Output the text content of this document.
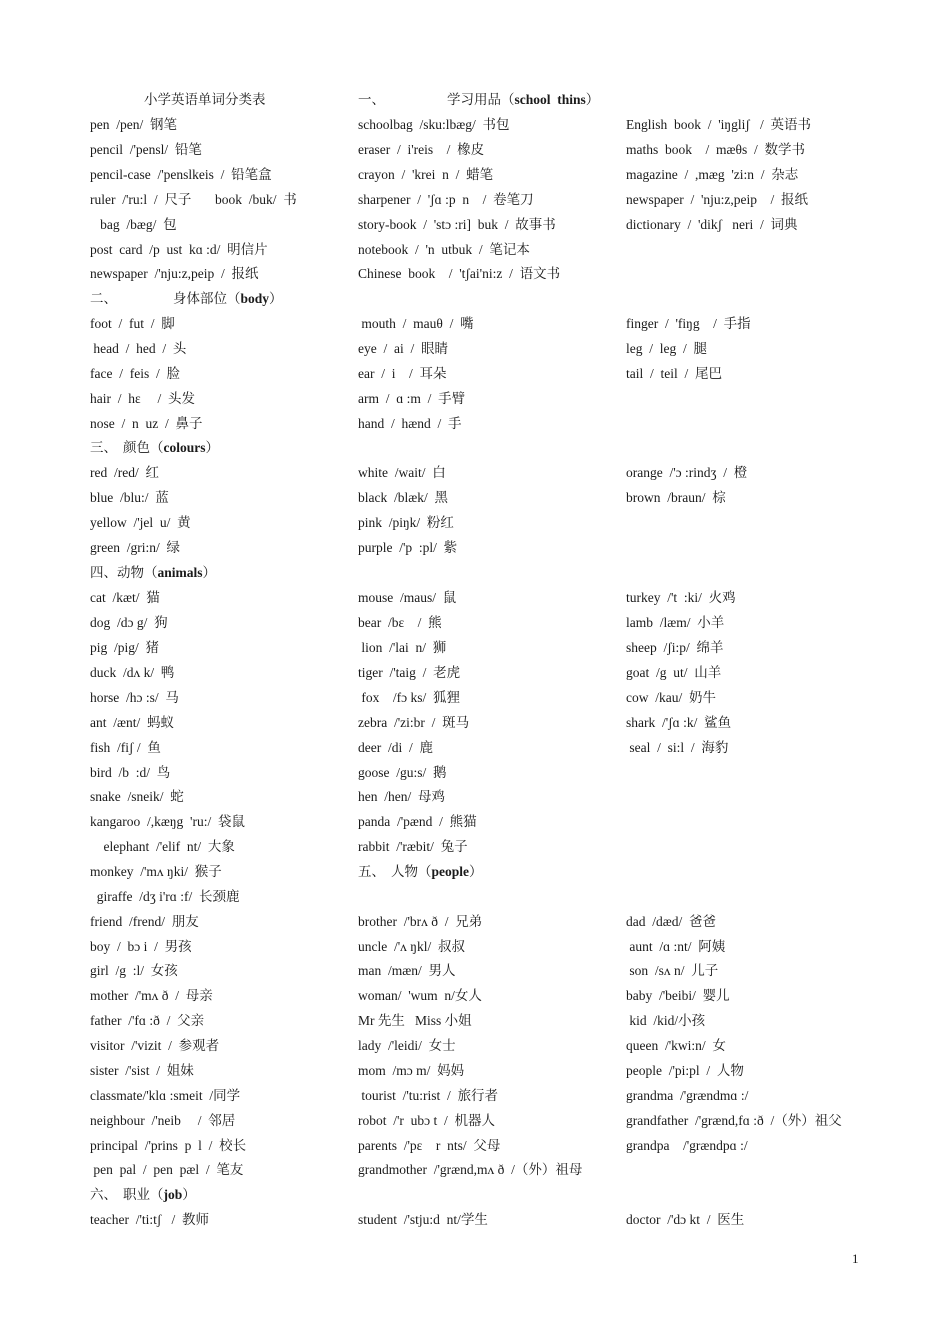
小学英语单词分类表	一、	学习用品（school  thins）
二、	身体部位（body）
三、 颜色（colours）
四、动物（animals）
五、 人物（people）
六、 职业（job）
pen  /pen/  钢笔	schoolbag  /sku:lbæg/  书包	English  book  /  'iŋgliʃ   /  英语书
pencil  /'pensl/  铅笔	eraser  /  i'reis    /  橡皮	maths  book    /  mæθs  /  数学书
pencil-case  /'penslkeis  /  铅笔盒	crayon  /  'krei  n  /  蜡笔	magazine  /  ,mæg  'zi:n  /  杂志
ruler  /'ru:l  /  尺子       book  /buk/  书	sharpener  /  'ʃɑ :p  n    /  卷笔刀	newspaper  /  'nju:z,peip    /  报纸
bag  /bæg/  包	story-book  /  'stɔ :ri]  buk  /  故事书	dictionary  /  'dikʃ   neri  /  词典
post  card  /p  ust  kɑ :d/  明信片	notebook  /  'n  utbuk  /  笔记本
newspaper  /'nju:z,peip  /  报纸	Chinese  book    /  'tʃai'ni:z  /  语文书
foot  /  fut  /  脚	mouth  /  mauθ  /  嘴	finger  /  'fiŋg    /  手指
head  /  hed  /  头	eye  /  ai  /  眼睛	leg  /  leg  /  腿
face  /  feis  /  脸	ear  /  i    /  耳朵	tail  /  teil  /  尾巴
hair  /  hɛ     /  头发	arm  /  ɑ :m  /  手臂
nose  /  n  uz  /  鼻子	hand  /  hænd  /  手
red  /red/  红	white  /wait/  白	orange  /'ɔ :rindʒ  /  橙
blue  /blu:/  蓝	black  /blæk/  黑	brown  /braun/  棕
yellow  /'jel  u/  黄	pink  /piŋk/  粉红
green  /gri:n/  绿	purple  /'p  :pl/  紫
cat  /kæt/  猫	mouse  /maus/  鼠	turkey  /'t  :ki/  火鸡
dog  /dɔ g/  狗	bear  /bɛ    /  熊	lamb  /læm/  小羊
pig  /pig/  猪	lion  /'lai  n/  狮	sheep  /ʃi:p/  绵羊
duck  /dʌ k/  鸭	tiger  /'taig  /  老虎	goat  /g  ut/  山羊
horse  /hɔ :s/  马	fox    /fɔ ks/  狐狸	cow  /kau/  奶牛
ant  /ænt/  蚂蚁	zebra  /'zi:br  /  斑马	shark  /'ʃɑ :k/  鲨鱼
fish  /fiʃ /  鱼	deer  /di  /  鹿	seal  /  si:l  /  海豹
bird  /b  :d/  鸟	goose  /gu:s/  鹅
snake  /sneik/  蛇	hen  /hen/  母鸡
kangaroo  /,kæŋg  'ru:/  袋鼠	panda  /'pænd  /  熊猫
elephant  /'elif  nt/  大象	rabbit  /'ræbit/  兔子
monkey  /'mʌ ŋki/  猴子
giraffe  /dʒ i'rɑ :f/  长颈鹿
friend  /frend/  朋友	brother  /'brʌ ð  /  兄弟	dad  /dæd/  爸爸
boy  /  bɔ i  /  男孩	uncle  /'ʌ ŋkl/  叔叔	aunt  /ɑ :nt/  阿姨
girl  /g  :l/  女孩	man  /mæn/  男人	son  /sʌ n/  儿子
mother  /'mʌ ð  /  母亲	woman/  'wum  n/女人	baby  /'beibi/  婴儿
father  /'fɑ :ð  /  父亲	Mr 先生   Miss 小姐	kid  /kid/小孩
visitor  /'vizit  /  参观者	lady  /'leidi/  女士	queen  /'kwi:n/  女
sister  /'sist  /  姐妹	mom  /mɔ m/  妈妈	people  /'pi:pl  /  人物
classmate/'klɑ :smeit  /同学	tourist  /'tu:rist  /  旅行者	grandma  /'grændmɑ :/
neighbour  /'neib     /  邻居	robot  /'r  ubɔ t  /  机器人	grandfather  /'grænd,fɑ :ð  /（外）祖父
principal  /'prins  p  l  /  校长	parents  /'pɛ    r  nts/  父母	grandpa    /'grændpɑ :/
pen  pal  /  pen  pæl  /  笔友	grandmother  /'grænd,mʌ ð  /（外）祖母
teacher  /'ti:tʃ   /  教师	student  /'stju:d  nt/学生	doctor  /'dɔ kt  /  医生
1
